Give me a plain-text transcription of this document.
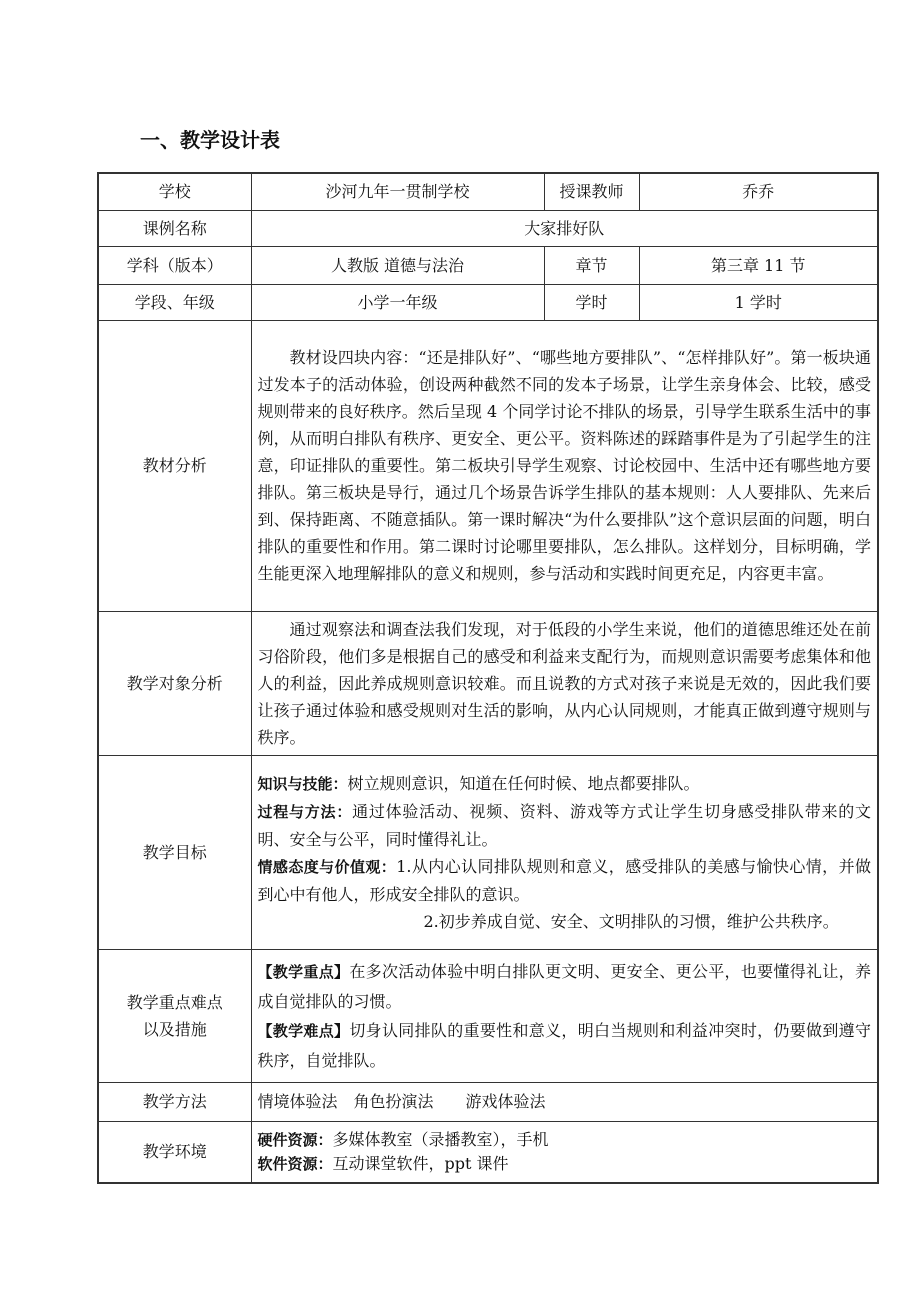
一、教学设计表
学校	沙河九年一贯制学校	授课教师	乔乔
课例名称	大家排好队		
学科（版本）	人教版 道德与法治	章节	第三章 11 节
学段、年级	小学一年级	学时	1 学时
教材分析	教材设四块内容：“还是排队好”、“哪些地方要排队”、“怎样排队好”。第一板块通过发本子的活动体验，创设两种截然不同的发本子场景，让学生亲身体会、比较，感受规则带来的良好秩序。然后呈现 4 个同学讨论不排队的场景，引导学生联系生活中的事例，从而明白排队有秩序、更安全、更公平。资料陈述的踩踏事件是为了引起学生的注意，印证排队的重要性。第二板块引导学生观察、讨论校园中、生活中还有哪些地方要排队。第三板块是导行，通过几个场景告诉学生排队的基本规则：人人要排队、先来后到、保持距离、不随意插队。第一课时解决“为什么要排队”这个意识层面的问题，明白排队的重要性和作用。第二课时讨论哪里要排队，怎么排队。这样划分，目标明确，学生能更深入地理解排队的意义和规则，参与活动和实践时间更充足，内容更丰富。		

教学对象分析	通过观察法和调查法我们发现，对于低段的小学生来说，他们的道德思维还处在前习俗阶段，他们多是根据自己的感受和利益来支配行为，而规则意识需要考虑集体和他人的利益，因此养成规则意识较难。而且说教的方式对孩子来说是无效的，因此我们要让孩子通过体验和感受规则对生活的影响，从内心认同规则，才能真正做到遵守规则与秩序。		

教学目标	知识与技能：树立规则意识，知道在任何时候、地点都要排队。
过程与方法：通过体验活动、视频、资料、游戏等方式让学生切身感受排队带来的文明、安全与公平，同时懂得礼让。
情感态度与价值观：1.从内心认同排队规则和意义，感受排队的美感与愉快心情，并做到心中有他人，形成安全排队的意识。
2.初步养成自觉、安全、文明排队的习惯，维护公共秩序。		

教学重点难点以及措施	【教学重点】在多次活动体验中明白排队更文明、更安全、更公平，也要懂得礼让，养成自觉排队的习惯。
【教学难点】切身认同排队的重要性和意义，明白当规则和利益冲突时，仍要做到遵守秩序，自觉排队。		

教学方法	情境体验法　角色扮演法　　游戏体验法		
教学环境	硬件资源：多媒体教室（录播教室），手机
软件资源：互动课堂软件，ppt 课件		
